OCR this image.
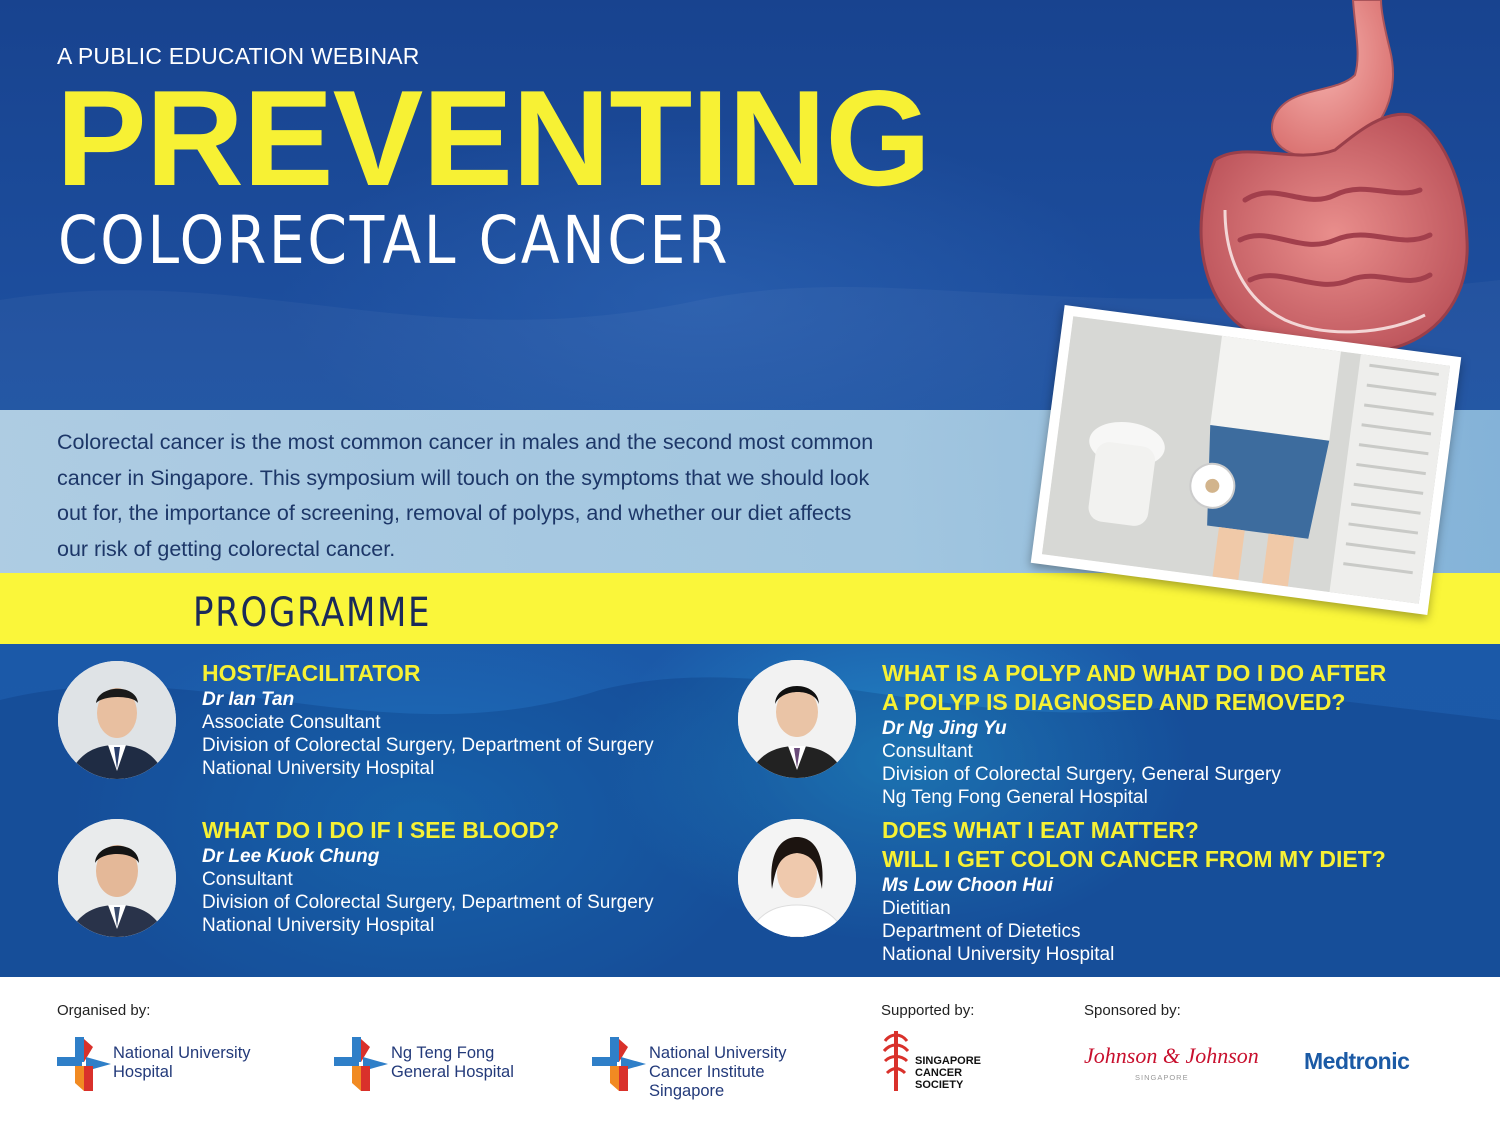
A PUBLIC EDUCATION WEBINAR
PREVENTING
COLORECTAL CANCER
Colorectal cancer is the most common cancer in males and the second most common
cancer in Singapore. This symposium will touch on the symptoms that we should look
out for, the importance of screening, removal of polyps, and whether our diet affects
our risk of getting colorectal cancer.
PROGRAMME
HOST/FACILITATOR
Dr Ian Tan
Associate Consultant
Division of Colorectal Surgery, Department of Surgery
National University Hospital
WHAT DO I DO IF I SEE BLOOD?
Dr Lee Kuok Chung
Consultant
Division of Colorectal Surgery, Department of Surgery
National University Hospital
WHAT IS A POLYP AND WHAT DO I DO AFTER
A POLYP IS DIAGNOSED AND REMOVED?
Dr Ng Jing Yu
Consultant
Division of Colorectal Surgery, General Surgery
Ng Teng Fong General Hospital
DOES WHAT I EAT MATTER?
WILL I GET COLON CANCER FROM MY DIET?
Ms Low Choon Hui
Dietitian
Department of Dietetics
National University Hospital
Organised by:	Supported by:	Sponsored by:
National University
Hospital
Ng Teng Fong
General Hospital
National University
Cancer Institute
Singapore
SINGAPORE
CANCER
SOCIETY
Johnson & Johnson
SINGAPORE
Medtronic
